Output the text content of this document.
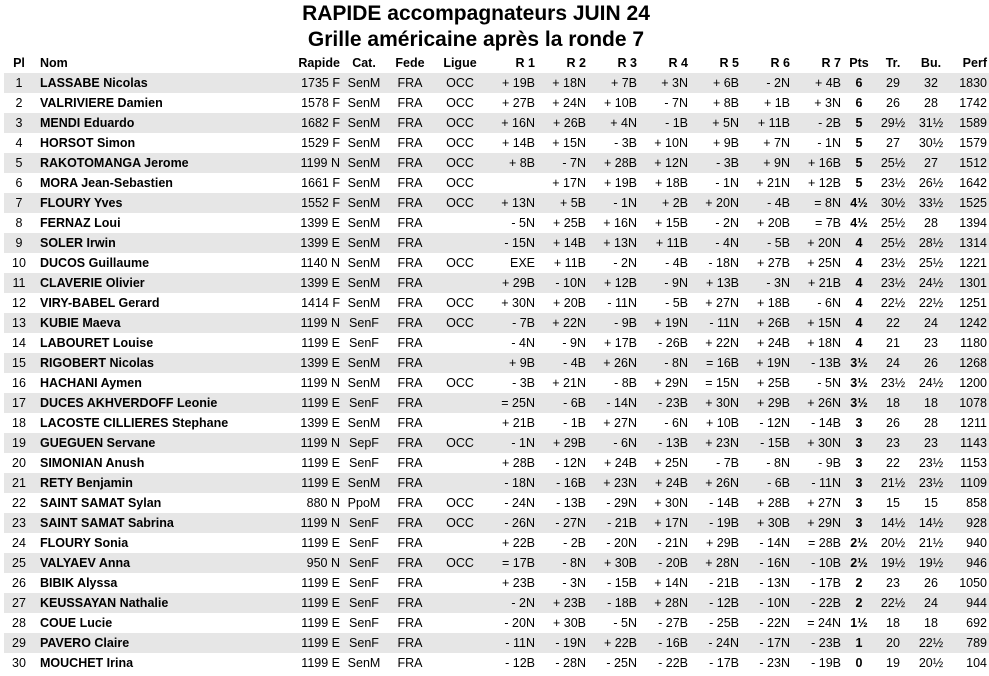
RAPIDE accompagnateurs JUIN 24
Grille américaine après la ronde 7
Pl	Nom	Rapide	Cat.	Fede	Ligue	R 1	R 2	R 3	R 4	R 5	R 6	R 7	Pts	Tr.	Bu.	Perf
1	LASSABE Nicolas	1735 F	SenM	FRA	OCC	+ 19B	+ 18N	+ 7B	+ 3N	+ 6B	- 2N	+ 4B	6	29	32	1830
2	VALRIVIERE Damien	1578 F	SenM	FRA	OCC	+ 27B	+ 24N	+ 10B	- 7N	+ 8B	+ 1B	+ 3N	6	26	28	1742
3	MENDI Eduardo	1682 F	SenM	FRA	OCC	+ 16N	+ 26B	+ 4N	- 1B	+ 5N	+ 11B	- 2B	5	29½	31½	1589
4	HORSOT Simon	1529 F	SenM	FRA	OCC	+ 14B	+ 15N	- 3B	+ 10N	+ 9B	+ 7N	- 1N	5	27	30½	1579
5	RAKOTOMANGA Jerome	1199 N	SenM	FRA	OCC	+ 8B	- 7N	+ 28B	+ 12N	- 3B	+ 9N	+ 16B	5	25½	27	1512
6	MORA Jean-Sebastien	1661 F	SenM	FRA	OCC		+ 17N	+ 19B	+ 18B	- 1N	+ 21N	+ 12B	5	23½	26½	1642
7	FLOURY Yves	1552 F	SenM	FRA	OCC	+ 13N	+ 5B	- 1N	+ 2B	+ 20N	- 4B	= 8N	4½	30½	33½	1525
8	FERNAZ Loui	1399 E	SenM	FRA		- 5N	+ 25B	+ 16N	+ 15B	- 2N	+ 20B	= 7B	4½	25½	28	1394
9	SOLER Irwin	1399 E	SenM	FRA		- 15N	+ 14B	+ 13N	+ 11B	- 4N	- 5B	+ 20N	4	25½	28½	1314
10	DUCOS Guillaume	1140 N	SenM	FRA	OCC	EXE	+ 11B	- 2N	- 4B	- 18N	+ 27B	+ 25N	4	23½	25½	1221
11	CLAVERIE Olivier	1399 E	SenM	FRA		+ 29B	- 10N	+ 12B	- 9N	+ 13B	- 3N	+ 21B	4	23½	24½	1301
12	VIRY-BABEL Gerard	1414 F	SenM	FRA	OCC	+ 30N	+ 20B	- 11N	- 5B	+ 27N	+ 18B	- 6N	4	22½	22½	1251
13	KUBIE Maeva	1199 N	SenF	FRA	OCC	- 7B	+ 22N	- 9B	+ 19N	- 11N	+ 26B	+ 15N	4	22	24	1242
14	LABOURET Louise	1199 E	SenF	FRA		- 4N	- 9N	+ 17B	- 26B	+ 22N	+ 24B	+ 18N	4	21	23	1180
15	RIGOBERT Nicolas	1399 E	SenM	FRA		+ 9B	- 4B	+ 26N	- 8N	= 16B	+ 19N	- 13B	3½	24	26	1268
16	HACHANI Aymen	1199 N	SenM	FRA	OCC	- 3B	+ 21N	- 8B	+ 29N	= 15N	+ 25B	- 5N	3½	23½	24½	1200
17	DUCES AKHVERDOFF Leonie	1199 E	SenF	FRA		= 25N	- 6B	- 14N	- 23B	+ 30N	+ 29B	+ 26N	3½	18	18	1078
18	LACOSTE CILLIERES Stephane	1399 E	SenM	FRA		+ 21B	- 1B	+ 27N	- 6N	+ 10B	- 12N	- 14B	3	26	28	1211
19	GUEGUEN Servane	1199 N	SepF	FRA	OCC	- 1N	+ 29B	- 6N	- 13B	+ 23N	- 15B	+ 30N	3	23	23	1143
20	SIMONIAN Anush	1199 E	SenF	FRA		+ 28B	- 12N	+ 24B	+ 25N	- 7B	- 8N	- 9B	3	22	23½	1153
21	RETY Benjamin	1199 E	SenM	FRA		- 18N	- 16B	+ 23N	+ 24B	+ 26N	- 6B	- 11N	3	21½	23½	1109
22	SAINT SAMAT Sylan	880 N	PpoM	FRA	OCC	- 24N	- 13B	- 29N	+ 30N	- 14B	+ 28B	+ 27N	3	15	15	858
23	SAINT SAMAT Sabrina	1199 N	SenF	FRA	OCC	- 26N	- 27N	- 21B	+ 17N	- 19B	+ 30B	+ 29N	3	14½	14½	928
24	FLOURY Sonia	1199 E	SenF	FRA		+ 22B	- 2B	- 20N	- 21N	+ 29B	- 14N	= 28B	2½	20½	21½	940
25	VALYAEV Anna	950 N	SenF	FRA	OCC	= 17B	- 8N	+ 30B	- 20B	+ 28N	- 16N	- 10B	2½	19½	19½	946
26	BIBIK Alyssa	1199 E	SenF	FRA		+ 23B	- 3N	- 15B	+ 14N	- 21B	- 13N	- 17B	2	23	26	1050
27	KEUSSAYAN Nathalie	1199 E	SenF	FRA		- 2N	+ 23B	- 18B	+ 28N	- 12B	- 10N	- 22B	2	22½	24	944
28	COUE Lucie	1199 E	SenF	FRA		- 20N	+ 30B	- 5N	- 27B	- 25B	- 22N	= 24N	1½	18	18	692
29	PAVERO Claire	1199 E	SenF	FRA		- 11N	- 19N	+ 22B	- 16B	- 24N	- 17N	- 23B	1	20	22½	789
30	MOUCHET Irina	1199 E	SenM	FRA		- 12B	- 28N	- 25N	- 22B	- 17B	- 23N	- 19B	0	19	20½	104
